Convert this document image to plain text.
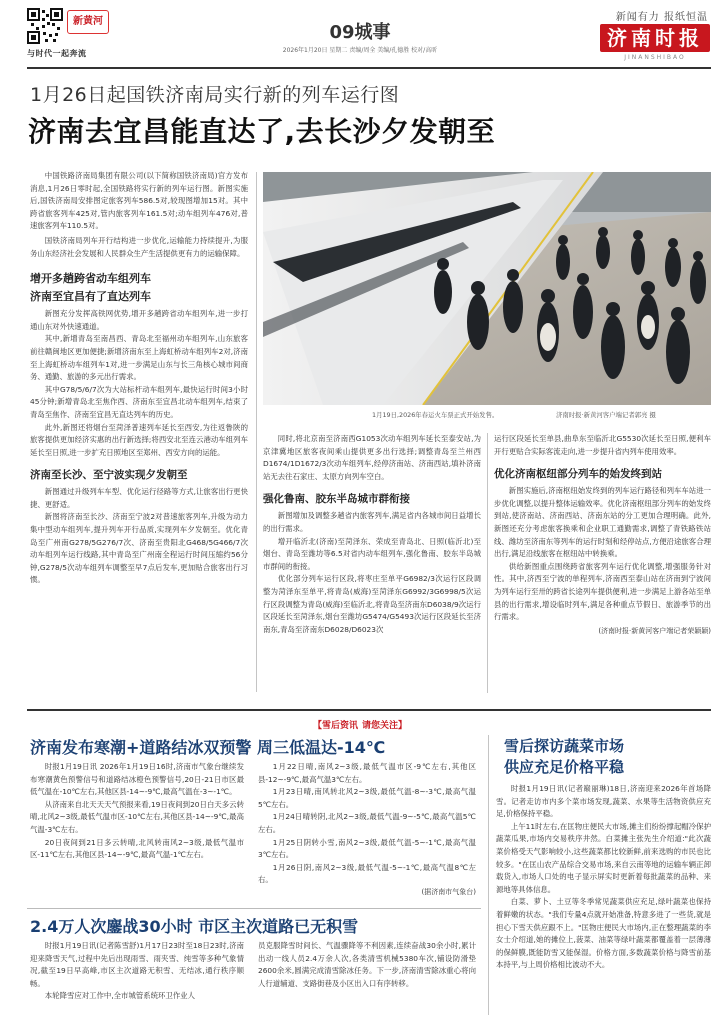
新黄河
与时代一起奔流
09城事
2026年1月20日 星期二 责编/周全 美编/孔德胜 校对/高昕
新闻有力 报纸恒温
济南时报
JINANSHIBAO
1月26日起国铁济南局实行新的列车运行图
济南去宜昌能直达了,去长沙夕发朝至

中国铁路济南局集团有限公司(以下简称国铁济南局)官方发布消息,1月26日零时起,全国铁路将实行新的列车运行图。新图实施后,国铁济南局安排图定旅客列车586.5对,较现图增加15对。其中跨省旅客列车425对,管内旅客列车161.5对;动车组列车476对,普速旅客列车110.5对。

国铁济南局列车开行结构进一步优化,运输能力持续提升,为服务山东经济社会发展和人民群众生产生活提供更有力的运输保障。

增开多趟跨省动车组列车
济南至宜昌有了直达列车

新图充分发挥高铁网优势,增开多趟跨省动车组列车,进一步打通山东对外快速通道。

其中,新增青岛至南昌西、青岛北至福州动车组列车,山东旅客前往赣闽地区更加便捷;新增济南东至上海虹桥动车组列车2对,济南至上海虹桥动车组列车1对,进一步满足山东与长三角核心城市间商务、通勤、旅游的多元出行需求。

其中G78/5/6/7次为大站标杆动车组列车,最快运行时间3小时45分钟;新增青岛北至焦作西、济南东至宜昌北动车组列车,结束了青岛至焦作、济南至宜昌无直达列车的历史。

此外,新图还将烟台至菏泽普速列车延长至西安,为往返鲁陕的旅客提供更加经济实惠的出行新选择;将西安北至连云港动车组列车延长至日照,进一步扩充日照地区至郑州、西安方向的运能。

济南至长沙、至宁波实现夕发朝至

新图通过升级列车车型、优化运行径路等方式,让旅客出行更快捷、更舒适。

新图将济南至长沙、济南至宁波2对普速旅客列车,升级为动力集中型动车组列车,提升列车开行品质,实现列车夕发朝至。优化青岛至广州南G278/5G276/7次、济南至贵阳北G468/5G466/7次动车组列车运行线路,其中青岛至广州南全程运行时间压缩约56分钟,G278/5次动车组列车调整至早7点后发车,更加贴合旅客出行习惯。

1月19日,2026年春运火车票正式开始发售。	济南时报·新黄河客户端记者郭亮 摄

同时,将北京南至济南西G1053次动车组列车延长至泰安站,为京津冀地区旅客夜间乘山提供更多出行选择;调整青岛至兰州西D1674/1D1672/3次动车组列车,经停济南站、济南西站,填补济南站无去往石家庄、太原方向列车空白。

强化鲁南、胶东半岛城市群衔接

新图增加及调整多趟省内旅客列车,满足省内各城市间日益增长的出行需求。

增开临沂北(济南)至菏泽东、荣成至青岛北、日照(临沂北)至烟台、青岛至潍坊等6.5对省内动车组列车,强化鲁南、胶东半岛城市群间的衔接。

优化部分列车运行区段,将枣庄至单平G6982/3次运行区段调整为菏泽东至单平,将青岛(威海)至菏泽东G6992/3G6998/5次运行区段调整为青岛(威海)至临沂北,将青岛至济南东D6038/9次运行区段延长至菏泽东,烟台至潍坊G5474/G5493次运行区段延长至济南东,青岛至济南东D6028/D6023次

运行区段延长至单县,曲阜东至临沂北G5530次延长至日照,便利车开行更贴合实际客流走向,进一步提升省内列车使用效率。

优化济南枢纽部分列车的始发终到站

新图实施后,济南枢纽始发终到的列车运行路径和列车车站进一步优化调整,以提升整体运输效率。优化济南枢纽部分列车的始发终到站,使济南站、济南西站、济南东站的分工更加合理明确。此外,新图还充分考虑旅客换乘和企业职工通勤需求,调整了青铁路铁站线、潍坊至济南东等列车的运行时刻和经停站点,方便沿途旅客合理出行,满足沿线旅客在枢纽站中转换乘。

供给新图重点围绕跨省旅客列车运行优化调整,增强服务针对性。其中,济西至宁波的单程列车,济南西至泰山站在济南到宁波间为列车运行至卅的跨省长途列车提供便利,进一步满足上游各站至单县的出行需求,增设临时列车,满足各种重点节假日、旅游季节的出行需求。

(济南时报·新黄河客户端记者荣颖颖)
【雪后资讯 请您关注】
济南发布寒潮+道路结冰双预警 周三低温达-14℃

时报1月19日讯 2026年1月19日16时,济南市气象台继续发布寒潮黄色预警信号和道路结冰橙色预警信号,20日-21日市区最低气温在-10℃左右,其他区县-14~-9℃,最高气温在-3~-1℃。

从济南来自北天天天气预报来看,19日夜间到20日白天多云转晴,北风2~3级,最低气温市区-10℃左右,其他区县-14~-9℃,最高气温-3℃左右。

20日夜间到21日多云转晴,北风转南风2~3级,最低气温市区-11℃左右,其他区县-14~-9℃,最高气温-1℃左右。

1月22日晴,南风2~3级,最低气温市区-9℃左右,其他区县-12~-9℃,最高气温3℃左右。

1月23日晴,南风转北风2~3级,最低气温-8~-3℃,最高气温5℃左右。

1月24日晴转阴,北风2~3级,最低气温-9~-5℃,最高气温5℃左右。

1月25日阴转小雪,南风2~3级,最低气温-5~-1℃,最高气温3℃左右。

1月26日阴,南风2~3级,最低气温-5~-1℃,最高气温8℃左右。

(据济南市气象台)
2.4万人次鏖战30小时 市区主次道路已无积雪

时报1月19日讯(记者陈雪舒)1月17日23时至18日23时,济南迎来降雪天气,过程中先后出现雨雪、雨夹雪、纯雪等多种气象情况,截至19日早高峰,市区主次道路无积雪、无结冰,通行秩序顺畅。

本轮降雪应对工作中,全市城管系统环卫作业人

员克服降雪时间长、气温骤降等不利因素,连续奋战30余小时,累计出动一线人员2.4万余人次,各类清雪机械5380车次,铺设防滑垫2600余米,圆满完成清雪除冰任务。下一步,济南清雪除冰重心将向人行道辅道、支路街巷及小区出入口有序转移。

雪后探访蔬菜市场
供应充足价格平稳

时报1月19日讯(记者巅丽琳)18日,济南迎来2026年首场降雪。记者走访市内多个菜市场发现,蔬菜、水果等生活物资供应充足,价格保持平稳。

上午11时左右,在匡物庄便民大市场,摊主们纷纷撑起帽冷保护蔬菜瓜果,市场内交易秩序井然。白菜摊主张先生介绍道:"此次蔬菜价格受天气影响较小,这些蔬菜都比较新鲜,前来选购的市民也比较多。"在匡山农产品综合交易市场,来自云南等地的运输车辆正卸载货入,市场人口处的电子显示屏实时更新着每批蔬菜的品种、来源地等具体信息。

白菜、萝卜、土豆等冬季常见蔬菜供应充足,绿叶蔬菜也保持着鲜嫩的状态。"我们专量4点就开始准备,特意多进了一些货,就是担心下雪天供应跟不上。"匡物庄便民大市场内,正在整理蔬菜的李女士介绍道,她的摊位上,菠菜、油菜等绿叶蔬菜都覆盖着一层薄薄的保鲜膜,既能防雪又能保湿。价格方面,多数蔬菜价格与降雪前基本持平,与上周价格相比波动不大。
